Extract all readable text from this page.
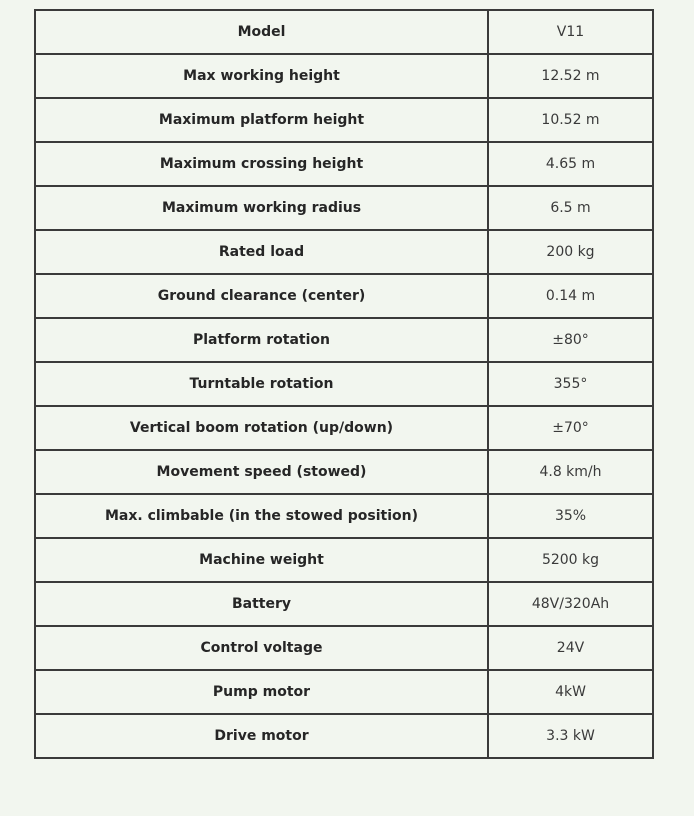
Model	V11
Max working height	12.52 m
Maximum platform height	10.52 m
Maximum crossing height	4.65 m
Maximum working radius	6.5 m
Rated load	200 kg
Ground clearance (center)	0.14 m
Platform rotation	±80°
Turntable rotation	355°
Vertical boom rotation (up/down)	±70°
Movement speed (stowed)	4.8 km/h
Max. climbable (in the stowed position)	35%
Machine weight	5200 kg
Battery	48V/320Ah
Control voltage	24V
Pump motor	4kW
Drive motor	3.3 kW
